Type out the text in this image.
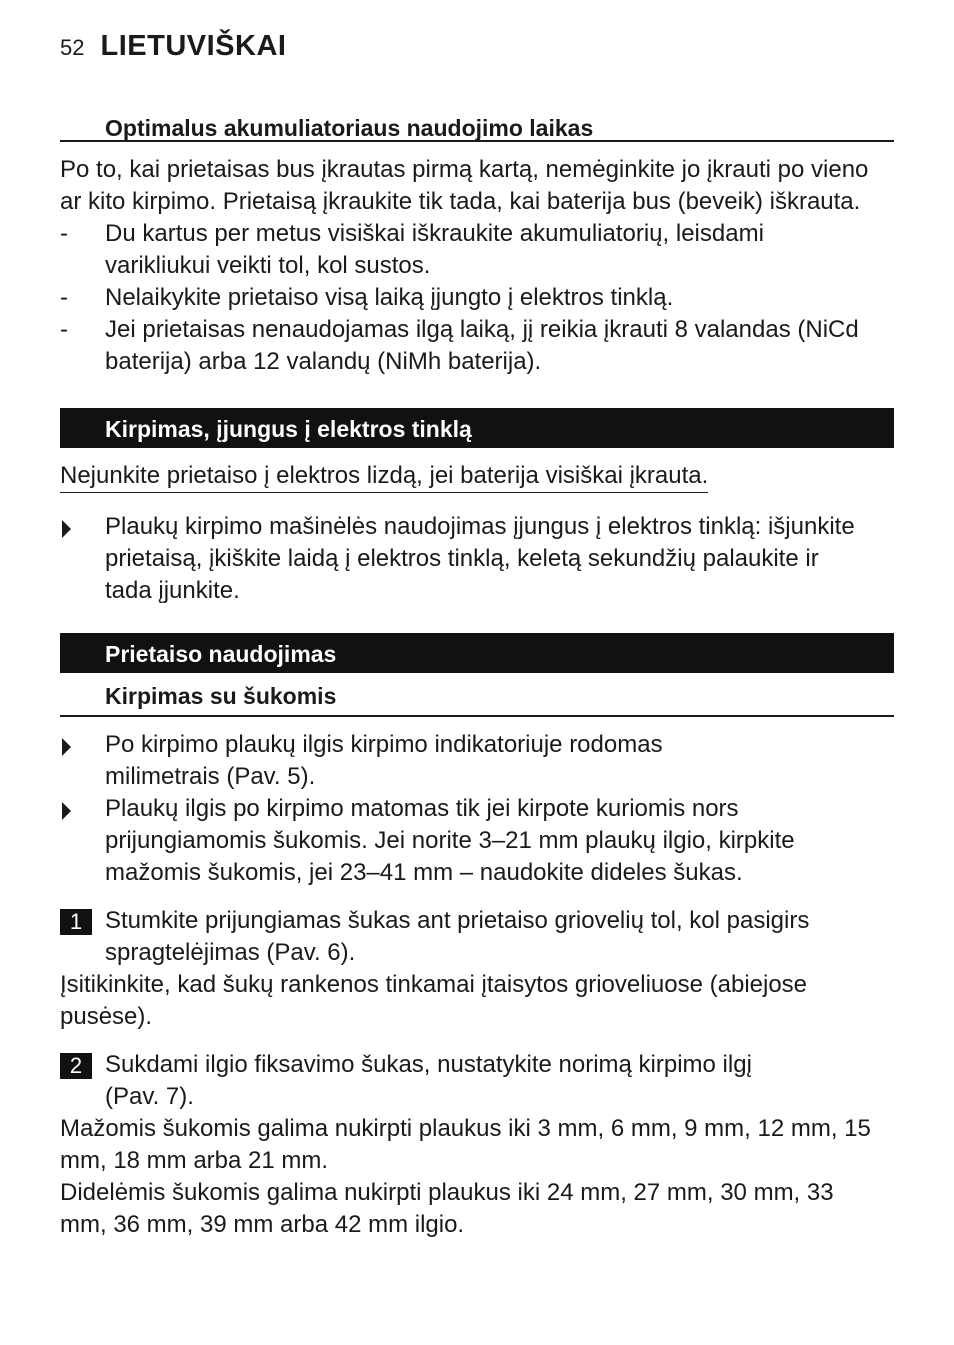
52 LIETUVIŠKAI
Optimalus akumuliatoriaus naudojimo laikas

Po to, kai prietaisas bus įkrautas pirmą kartą, nemėginkite jo įkrauti po vieno ar kito kirpimo. Prietaisą įkraukite tik tada, kai baterija bus (beveik) iškrauta.

-	Du kartus per metus visiškai iškraukite akumuliatorių, leisdami varikliukui veikti tol, kol sustos.
-	Nelaikykite prietaiso visą laiką įjungto į elektros tinklą.
-	Jei prietaisas nenaudojamas ilgą laiką, jį reikia įkrauti 8 valandas (NiCd baterija) arba 12 valandų (NiMh baterija).
Kirpimas, įjungus į elektros tinklą
Nejunkite prietaiso į elektros lizdą, jei baterija visiškai įkrauta.
Plaukų kirpimo mašinėlės naudojimas įjungus į elektros tinklą: išjunkite prietaisą, įkiškite laidą į elektros tinklą, keletą sekundžių palaukite ir tada įjunkite.
Prietaiso naudojimas
Kirpimas su šukomis
Po kirpimo plaukų ilgis kirpimo indikatoriuje rodomas milimetrais (Pav. 5).
Plaukų ilgis po kirpimo matomas tik jei kirpote kuriomis nors prijungiamomis šukomis. Jei norite 3–21 mm plaukų ilgio, kirpkite mažomis šukomis, jei 23–41 mm – naudokite dideles šukas.
1 Stumkite prijungiamas šukas ant prietaiso griovelių tol, kol pasigirs spragtelėjimas (Pav. 6).

Įsitikinkite, kad šukų rankenos tinkamai įtaisytos grioveliuose (abiejose pusėse).

2 Sukdami ilgio fiksavimo šukas, nustatykite norimą kirpimo ilgį (Pav. 7).

Mažomis šukomis galima nukirpti plaukus iki 3 mm, 6 mm, 9 mm, 12 mm, 15 mm, 18 mm arba 21 mm.

Didelėmis šukomis galima nukirpti plaukus iki 24 mm, 27 mm, 30 mm, 33 mm, 36 mm, 39 mm arba 42 mm ilgio.
